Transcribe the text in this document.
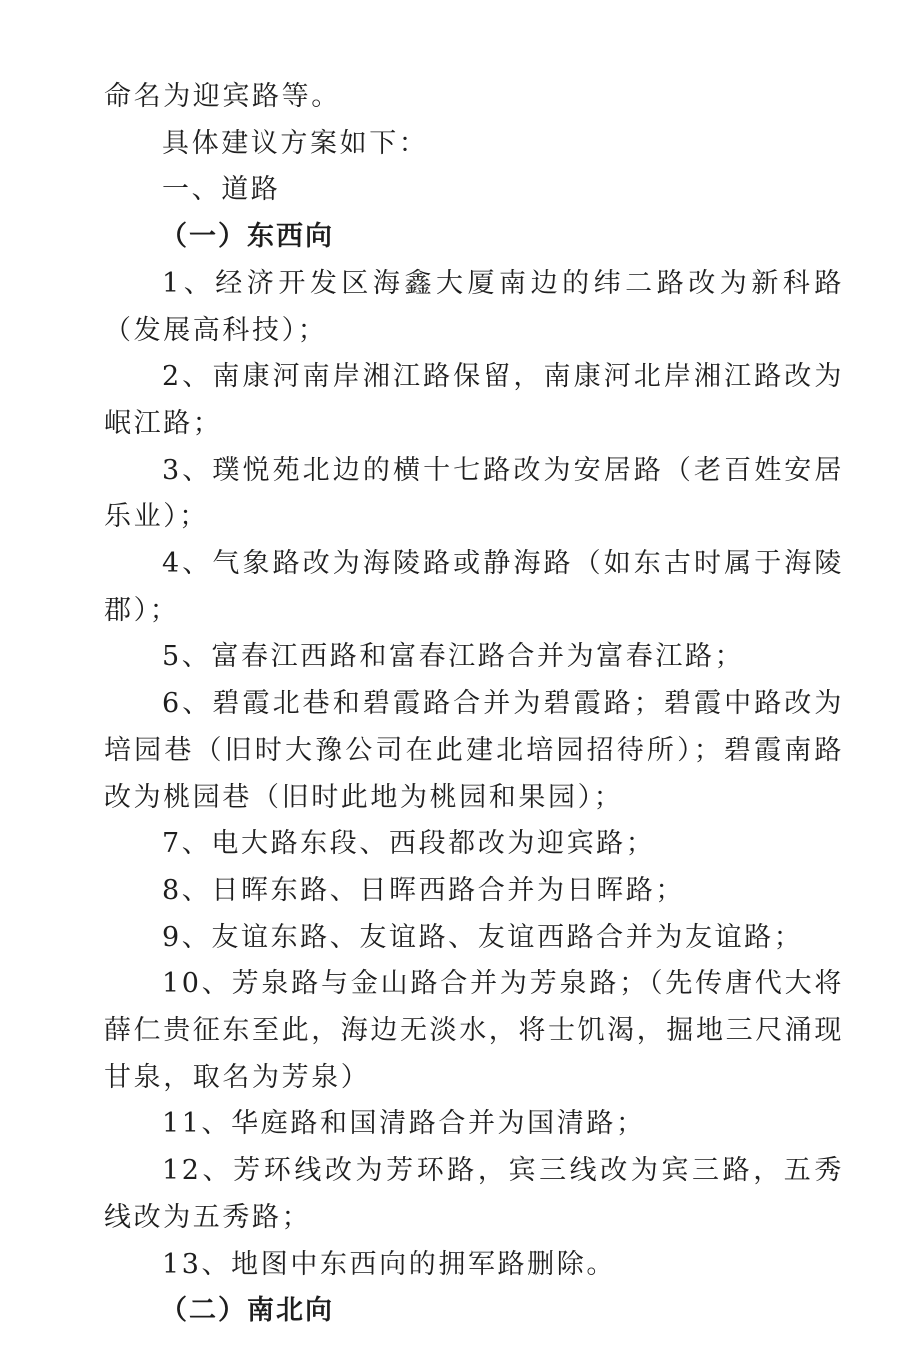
命名为迎宾路等。

具体建议方案如下：

一、道路

（一）东西向

1、经济开发区海鑫大厦南边的纬二路改为新科路（发展高科技）；

2、南康河南岸湘江路保留，南康河北岸湘江路改为岷江路；

3、璞悦苑北边的横十七路改为安居路（老百姓安居乐业）；

4、气象路改为海陵路或静海路（如东古时属于海陵郡）；

5、富春江西路和富春江路合并为富春江路；

6、碧霞北巷和碧霞路合并为碧霞路；碧霞中路改为培园巷（旧时大豫公司在此建北培园招待所）；碧霞南路改为桃园巷（旧时此地为桃园和果园）；

7、电大路东段、西段都改为迎宾路；

8、日晖东路、日晖西路合并为日晖路；

9、友谊东路、友谊路、友谊西路合并为友谊路；

10、芳泉路与金山路合并为芳泉路；（先传唐代大将薛仁贵征东至此，海边无淡水，将士饥渴，掘地三尺涌现甘泉，取名为芳泉）

11、华庭路和国清路合并为国清路；

12、芳环线改为芳环路，宾三线改为宾三路，五秀线改为五秀路；

13、地图中东西向的拥军路删除。

（二）南北向
